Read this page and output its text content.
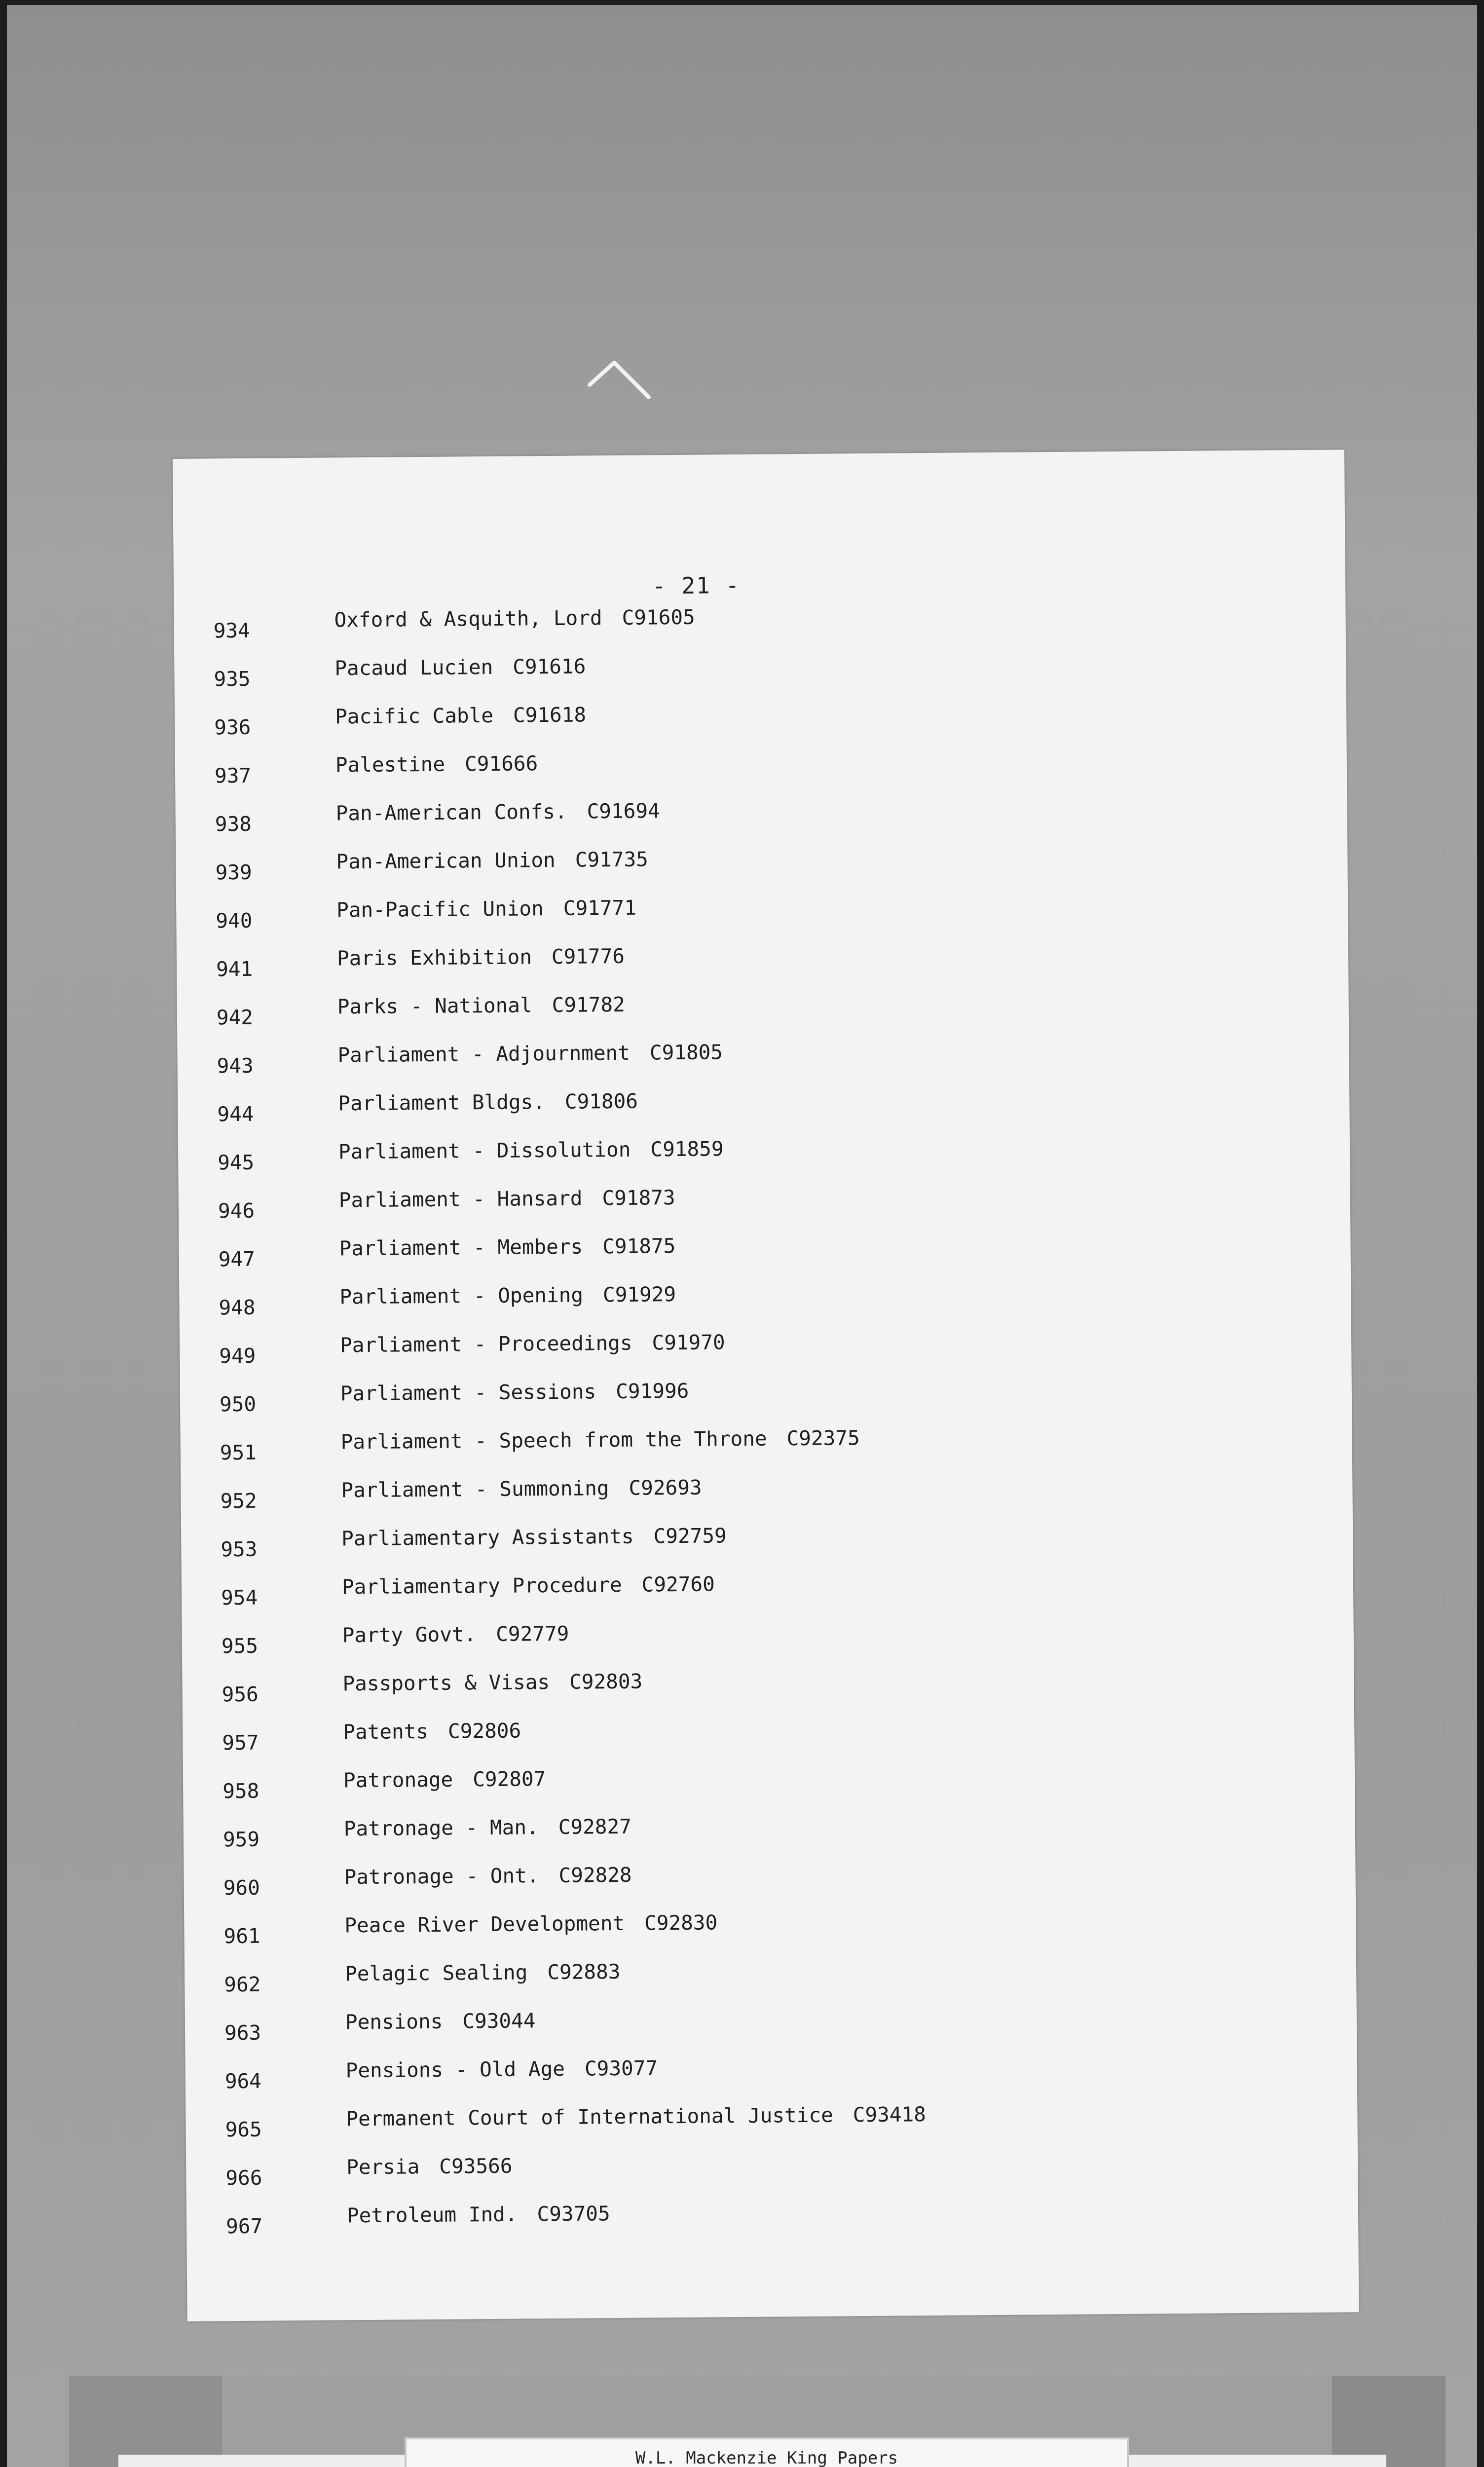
- 21 -
934	Oxford & Asquith, Lord C91605
935	Pacaud Lucien C91616
936	Pacific Cable C91618
937	Palestine C91666
938	Pan-American Confs. C91694
939	Pan-American Union C91735
940	Pan-Pacific Union C91771
941	Paris Exhibition C91776
942	Parks - National C91782
943	Parliament - Adjournment C91805
944	Parliament Bldgs. C91806
945	Parliament - Dissolution C91859
946	Parliament - Hansard C91873
947	Parliament - Members C91875
948	Parliament - Opening C91929
949	Parliament - Proceedings C91970
950	Parliament - Sessions C91996
951	Parliament - Speech from the Throne C92375
952	Parliament - Summoning C92693
953	Parliamentary Assistants C92759
954	Parliamentary Procedure C92760
955	Party Govt. C92779
956	Passports & Visas C92803
957	Patents C92806
958	Patronage C92807
959	Patronage - Man. C92827
960	Patronage - Ont. C92828
961	Peace River Development C92830
962	Pelagic Sealing C92883
963	Pensions C93044
964	Pensions - Old Age C93077
965	Permanent Court of International Justice C93418
966	Persia C93566
967	Petroleum Ind. C93705
W.L. Mackenzie King Papers
